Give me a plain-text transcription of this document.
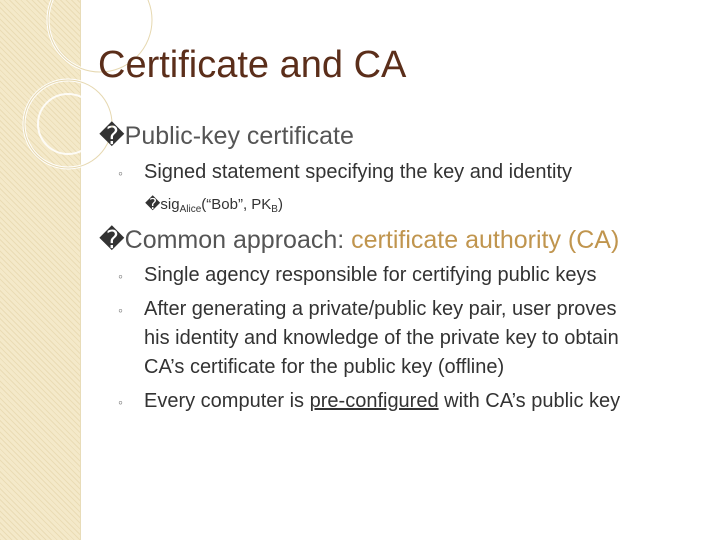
Certificate and CA
�Public-key certificate
◦ Signed statement specifying the key and identity
�sig$_{Alice}$(“Bob”, $PK_B$)
�Common approach: certificate authority (CA)
◦ Single agency responsible for certifying public keys
◦ After generating a private/public key pair, user proves
his identity and knowledge of the private key to obtain
CA’s certificate for the public key (offline)
◦ Every computer is pre-configured with CA’s public key
